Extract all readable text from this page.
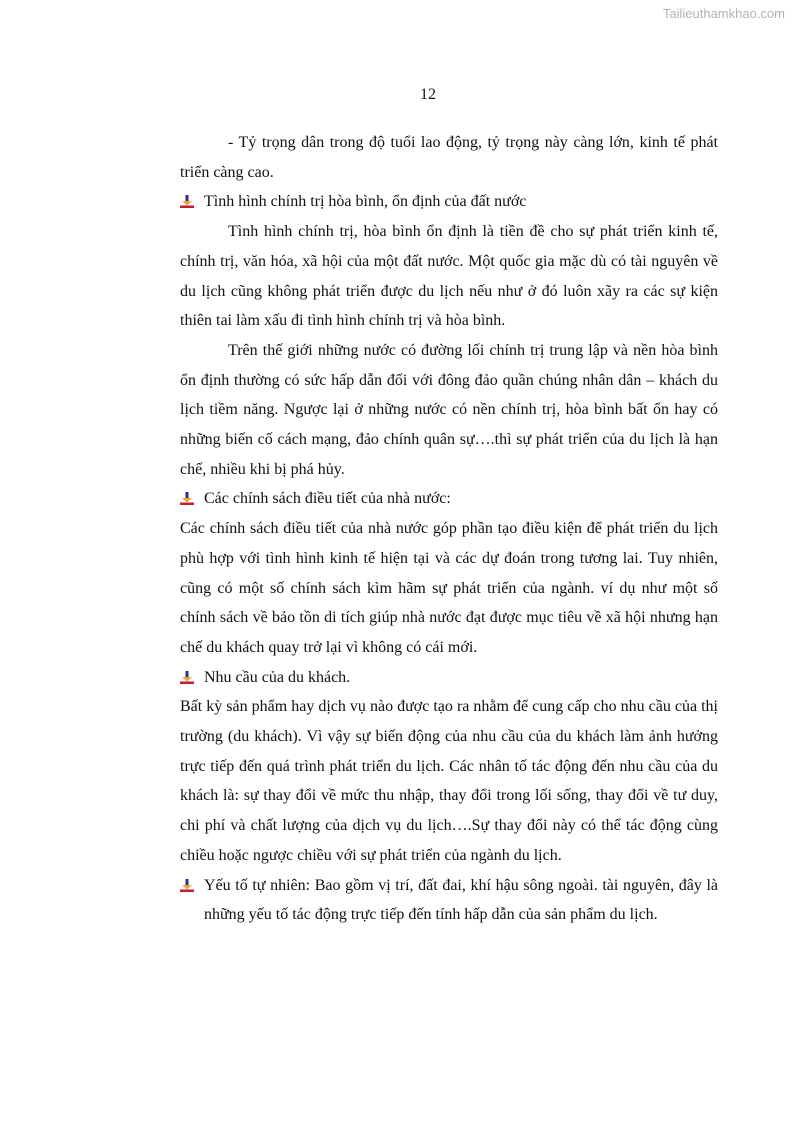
Tailieuthamkhao.com
12

- Tỷ trọng dân trong độ tuổi lao động, tỷ trọng này càng lớn, kinh tế phát triển càng cao.

Tình hình chính trị hòa bình, ổn định của đất nước

Tình hình chính trị, hòa bình ổn định là tiền đề cho sự phát triển kinh tế, chính trị, văn hóa, xã hội của một đất nước. Một quốc gia mặc dù có tài nguyên về du lịch cũng không phát triển được du lịch nếu như ở đó luôn xãy ra các sự kiện thiên tai làm xấu đi tình hình chính trị và hòa bình.

Trên thế giới những nước có đường lối chính trị trung lập và nền hòa bình ổn định thường có sức hấp dẫn đối với đông đảo quần chúng nhân dân – khách du lịch tiềm năng. Ngược lại ở những nước có nền chính trị, hòa bình bất ổn hay có những biến cố cách mạng, đảo chính quân sự….thì sự phát triển của du lịch là hạn chế, nhiều khi bị phá hủy.

Các chính sách điều tiết của nhà nước:

Các chính sách điều tiết của nhà nước góp phần tạo điều kiện để phát triển du lịch phù hợp với tình hình kinh tế hiện tại và các dự đoán trong tương lai. Tuy nhiên, cũng có một số chính sách kìm hãm sự phát triển của ngành. ví dụ như một số chính sách về bảo tồn di tích giúp nhà nước đạt được mục tiêu về xã hội nhưng hạn chế du khách quay trở lại vì không có cái mới.

Nhu cầu của du khách.

Bất kỳ sản phẩm hay dịch vụ nào được tạo ra nhằm để cung cấp cho nhu cầu của thị trường (du khách). Vì vậy sự biến động của nhu cầu của du khách làm ảnh hưởng trực tiếp đến quá trình phát triển du lịch. Các nhân tố tác động đến nhu cầu của du khách là: sự thay đổi về mức thu nhập, thay đổi trong lối sống, thay đổi về tư duy, chi phí và chất lượng của dịch vụ du lịch….Sự thay đổi này có thể tác động cùng chiều hoặc ngược chiều với sự phát triển của ngành du lịch.

Yếu tố tự nhiên: Bao gồm vị trí, đất đai, khí hậu sông ngoài. tài nguyên, đây là những yếu tố tác động trực tiếp đến tính hấp dẫn của sản phẩm du lịch.
